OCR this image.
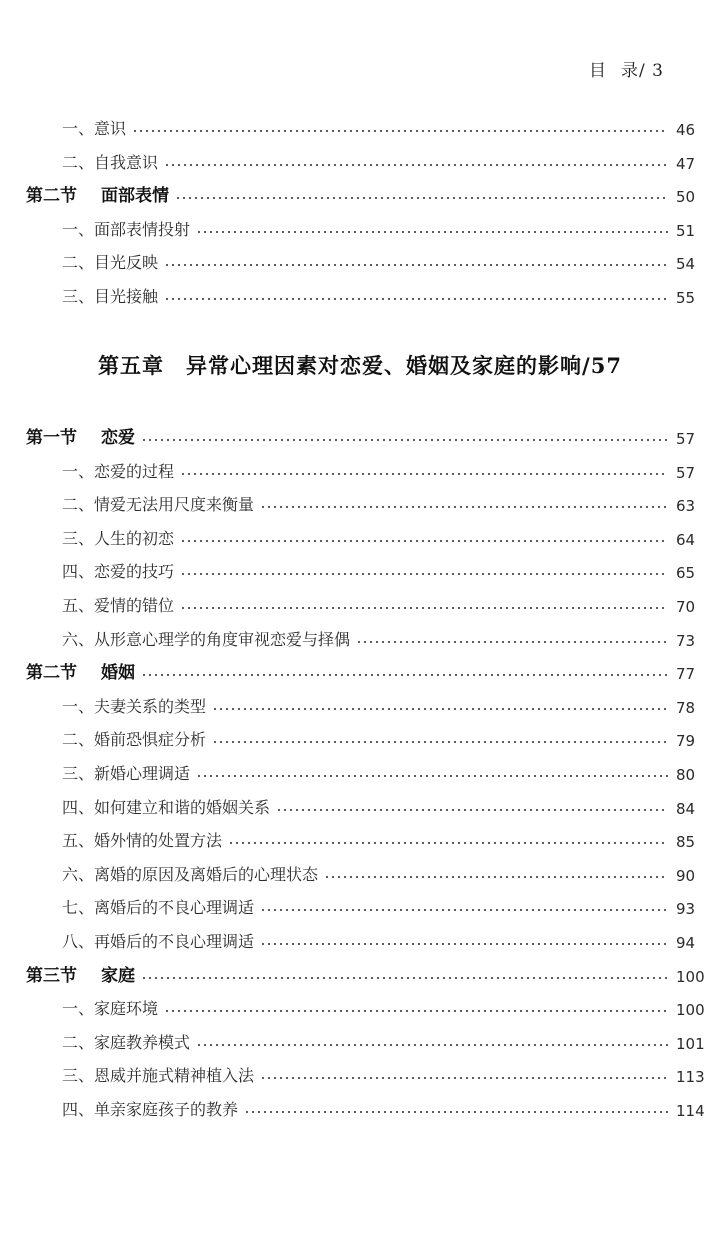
目 录/ 3
一、意识	46
二、自我意识	47
第二节 面部表情	50
一、面部表情投射	51
二、目光反映	54
三、目光接触	55
第五章 异常心理因素对恋爱、婚姻及家庭的影响/57
第一节 恋爱	57
一、恋爱的过程	57
二、情爱无法用尺度来衡量	63
三、人生的初恋	64
四、恋爱的技巧	65
五、爱情的错位	70
六、从形意心理学的角度审视恋爱与择偶	73
第二节 婚姻	77
一、夫妻关系的类型	78
二、婚前恐惧症分析	79
三、新婚心理调适	80
四、如何建立和谐的婚姻关系	84
五、婚外情的处置方法	85
六、离婚的原因及离婚后的心理状态	90
七、离婚后的不良心理调适	93
八、再婚后的不良心理调适	94
第三节 家庭	100
一、家庭环境	100
二、家庭教养模式	101
三、恩威并施式精神植入法	113
四、单亲家庭孩子的教养	114
